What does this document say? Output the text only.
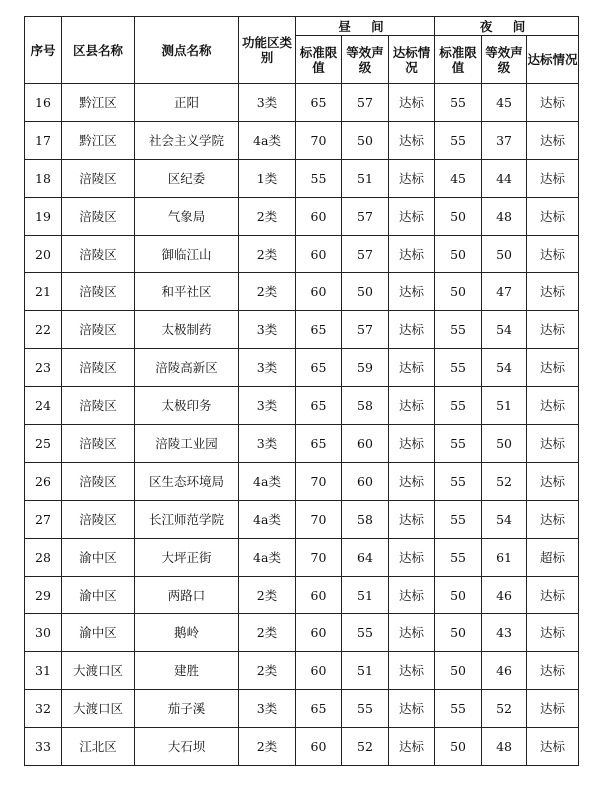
序号	区县名称	测点名称	功能区类别	昼 间			夜 间		
				标准限值	等效声级	达标情况	标准限值	等效声级	达标情况
16	黔江区	正阳	3类	65	57	达标	55	45	达标
17	黔江区	社会主义学院	4a类	70	50	达标	55	37	达标
18	涪陵区	区纪委	1类	55	51	达标	45	44	达标
19	涪陵区	气象局	2类	60	57	达标	50	48	达标
20	涪陵区	御临江山	2类	60	57	达标	50	50	达标
21	涪陵区	和平社区	2类	60	50	达标	50	47	达标
22	涪陵区	太极制药	3类	65	57	达标	55	54	达标
23	涪陵区	涪陵高新区	3类	65	59	达标	55	54	达标
24	涪陵区	太极印务	3类	65	58	达标	55	51	达标
25	涪陵区	涪陵工业园	3类	65	60	达标	55	50	达标
26	涪陵区	区生态环境局	4a类	70	60	达标	55	52	达标
27	涪陵区	长江师范学院	4a类	70	58	达标	55	54	达标
28	渝中区	大坪正街	4a类	70	64	达标	55	61	超标
29	渝中区	两路口	2类	60	51	达标	50	46	达标
30	渝中区	鹅岭	2类	60	55	达标	50	43	达标
31	大渡口区	建胜	2类	60	51	达标	50	46	达标
32	大渡口区	茄子溪	3类	65	55	达标	55	52	达标
33	江北区	大石坝	2类	60	52	达标	50	48	达标
